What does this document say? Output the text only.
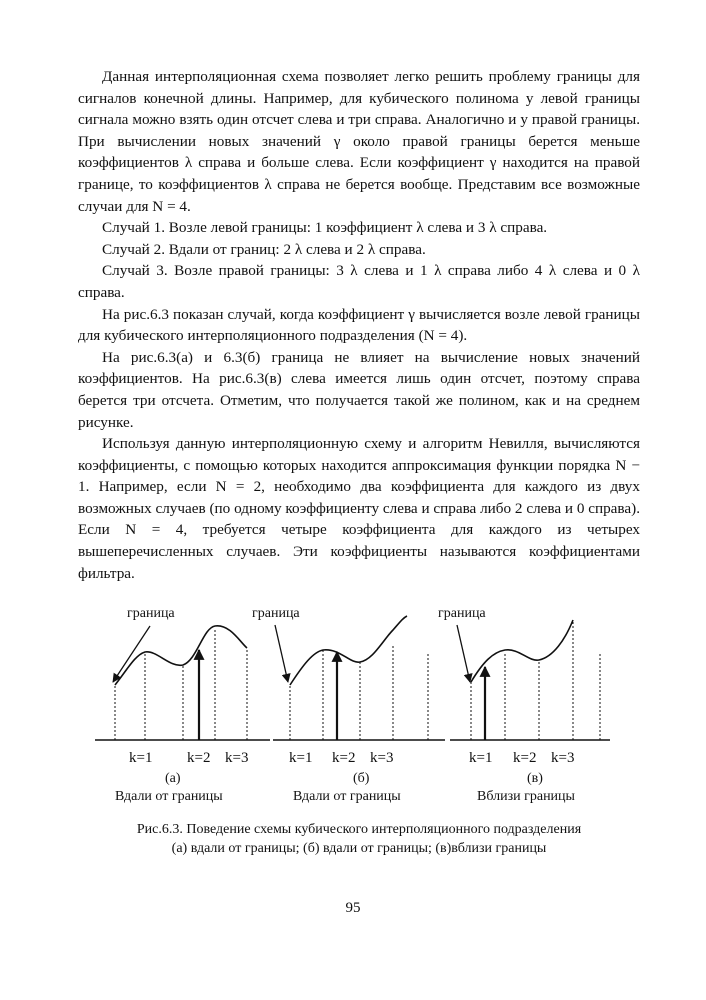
Данная интерполяционная схема позволяет легко решить проблему границы для сигналов конечной длины. Например, для кубического полинома у левой границы сигнала можно взять один отсчет слева и три справа. Аналогично и у правой границы. При вычислении новых значений γ около правой границы берется меньше коэффициентов λ справа и больше слева. Если коэффициент γ находится на правой границе, то коэффициентов λ справа не берется вообще. Представим все возможные случаи для N = 4.

Случай 1. Возле левой границы: 1 коэффициент λ слева и 3 λ справа.

Случай 2. Вдали от границ: 2 λ слева и 2 λ справа.

Случай 3. Возле правой границы: 3 λ слева и 1 λ справа либо 4 λ слева и 0 λ справа.

На рис.6.3 показан случай, когда коэффициент γ вычисляется возле левой границы для кубического интерполяционного подразделения (N = 4).

На рис.6.3(а) и 6.3(б) граница не влияет на вычисление новых значений коэффициентов. На рис.6.3(в) слева имеется лишь один отсчет, поэтому справа берется три отсчета. Отметим, что получается такой же полином, как и на среднем рисунке.

Используя данную интерполяционную схему и алгоритм Невилля, вычисляются коэффициенты, с помощью которых находится аппроксимация функции порядка N − 1. Например, если N = 2, необходимо два коэффициента для каждого из двух возможных случаев (по одному коэффициенту слева и справа либо 2 слева и 0 справа). Если N = 4, требуется четыре коэффициента для каждого из четырех вышеперечисленных случаев. Эти коэффициенты называются коэффициентами фильтра.

граница
k=1 k=2 k=3
(а)
Вдали от границы
граница
k=1 k=2 k=3
(б)
Вдали от границы
граница
k=1 k=2 k=3
(в)
Вблизи границы
Рис.6.3. Поведение схемы кубического интерполяционного подразделения
(а) вдали от границы; (б) вдали от границы; (в)вблизи границы
95
